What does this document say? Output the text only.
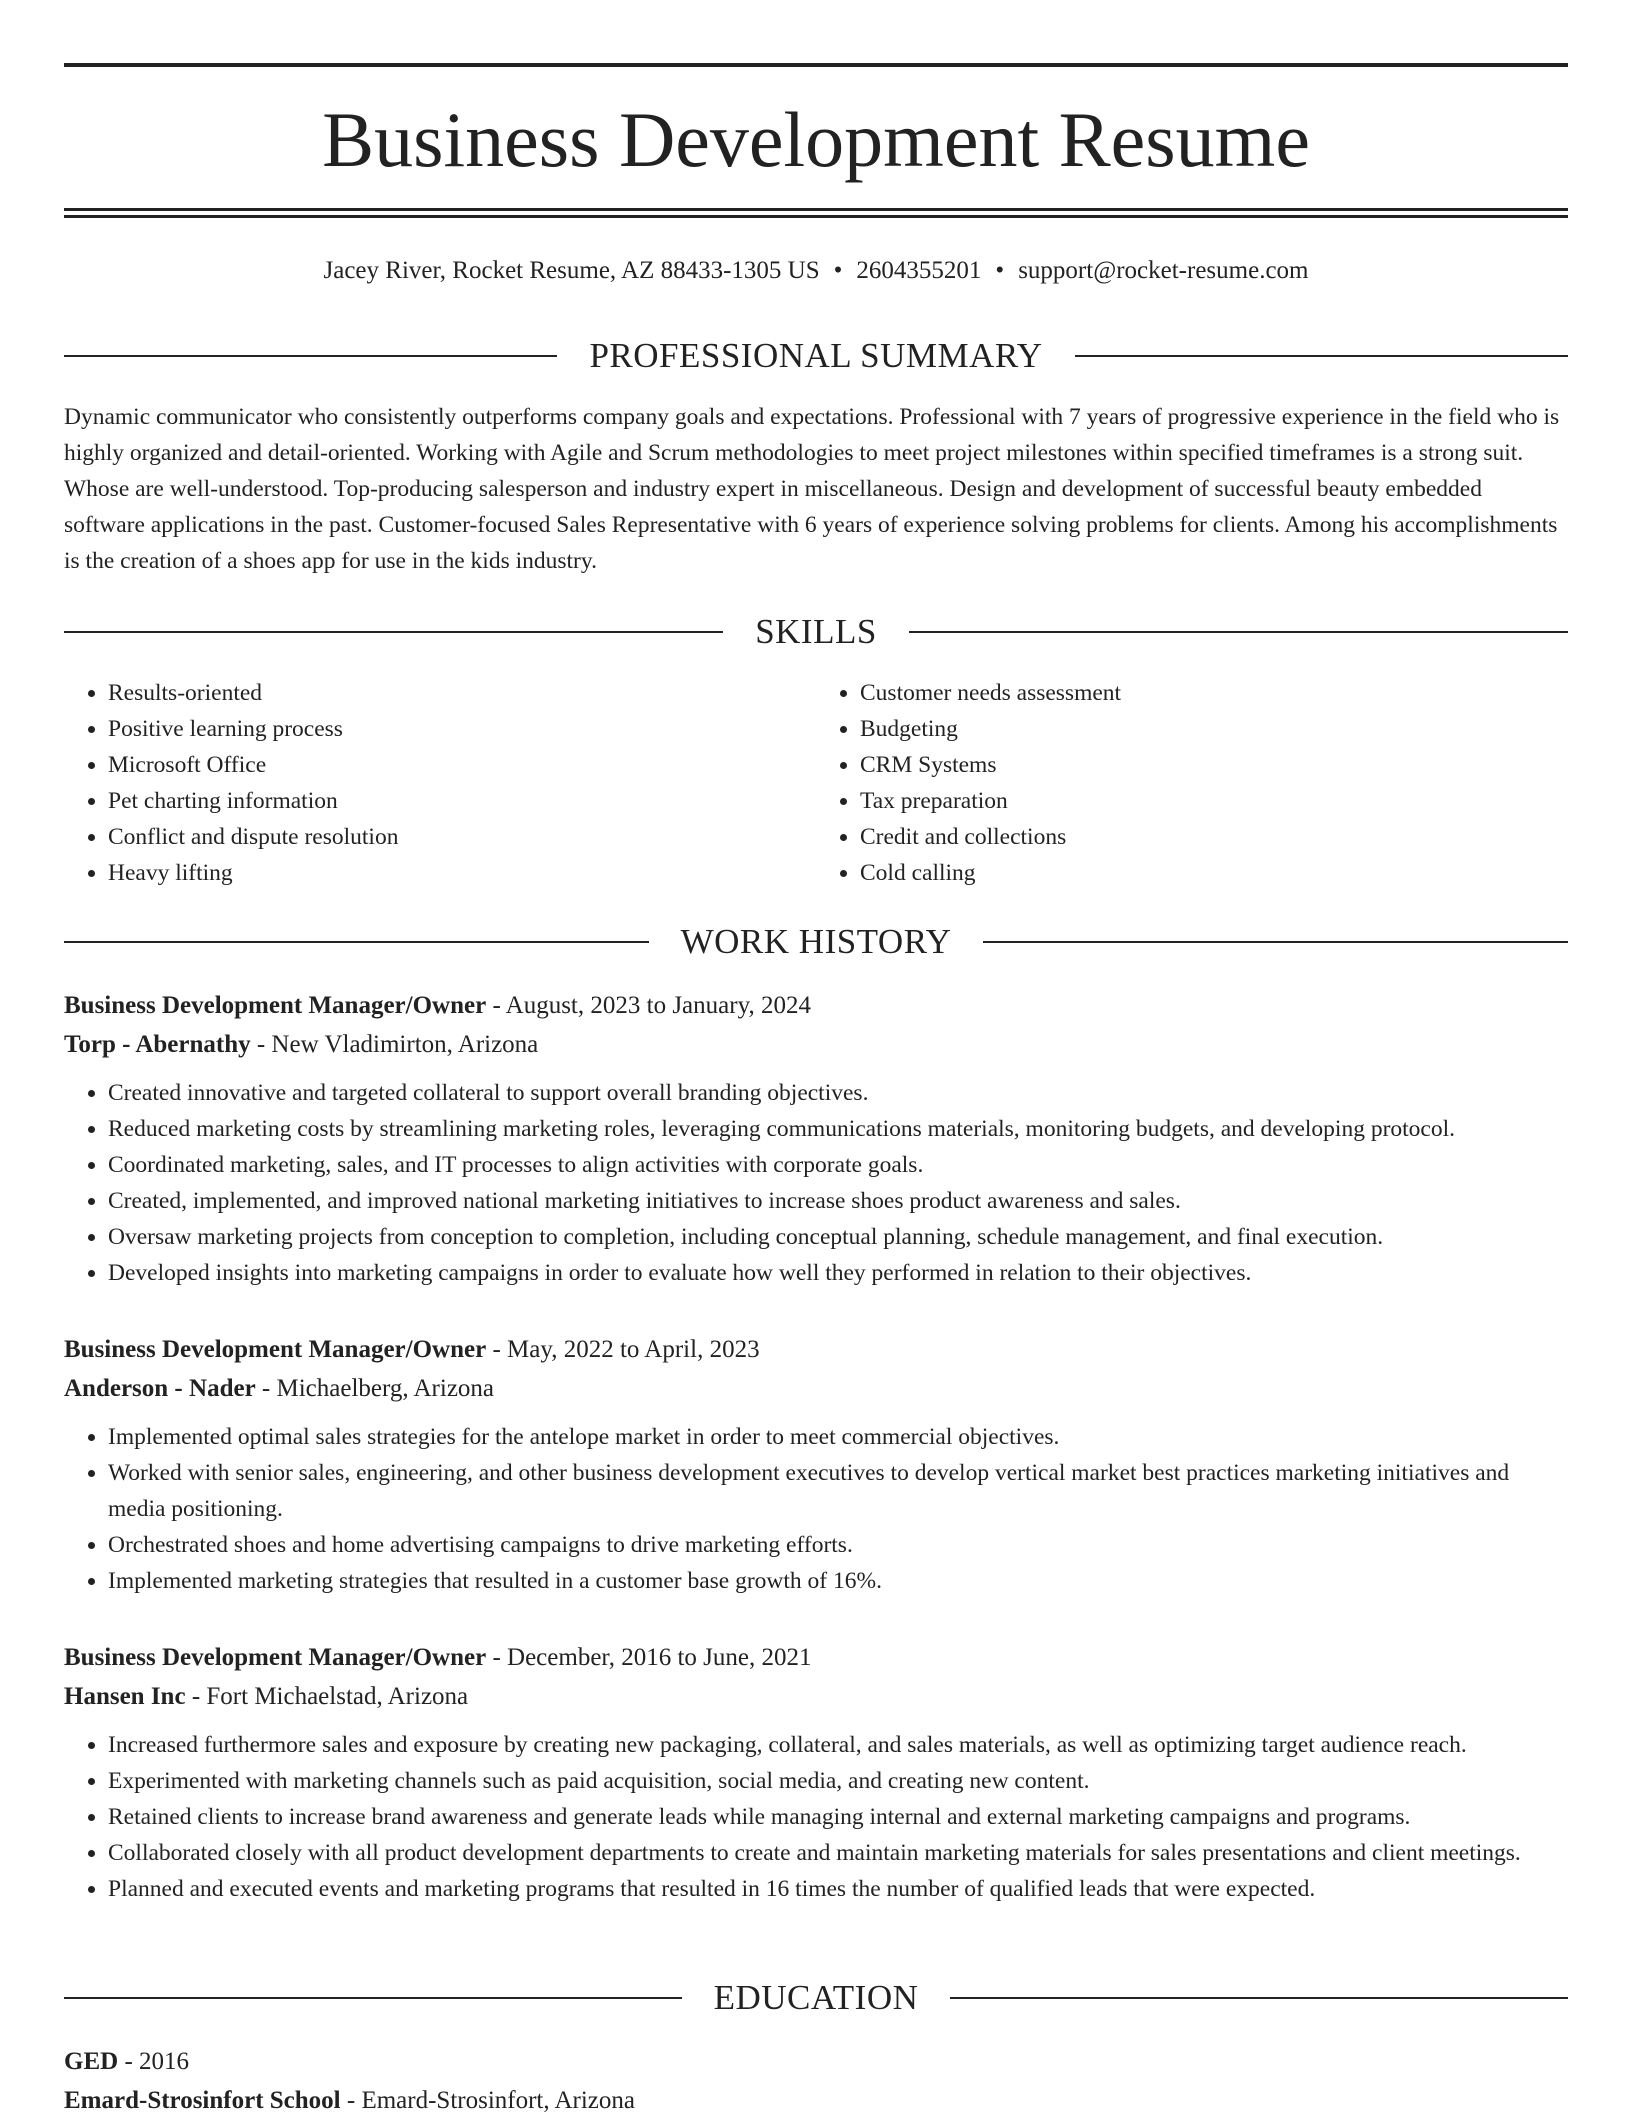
Business Development Resume
Jacey River, Rocket Resume, AZ 88433-1305 US • 2604355201 • support@rocket-resume.com
PROFESSIONAL SUMMARY

Dynamic communicator who consistently outperforms company goals and expectations. Professional with 7 years of progressive experience in the field who is highly organized and detail-oriented. Working with Agile and Scrum methodologies to meet project milestones within specified timeframes is a strong suit. Whose are well-understood. Top-producing salesperson and industry expert in miscellaneous. Design and development of successful beauty embedded software applications in the past. Customer-focused Sales Representative with 6 years of experience solving problems for clients. Among his accomplishments is the creation of a shoes app for use in the kids industry.

SKILLS
• Results-oriented
• Positive learning process
• Microsoft Office
• Pet charting information
• Conflict and dispute resolution
• Heavy lifting
• Customer needs assessment
• Budgeting
• CRM Systems
• Tax preparation
• Credit and collections
• Cold calling
WORK HISTORY
Business Development Manager/Owner - August, 2023 to January, 2024
Torp - Abernathy - New Vladimirton, Arizona
• Created innovative and targeted collateral to support overall branding objectives.
• Reduced marketing costs by streamlining marketing roles, leveraging communications materials, monitoring budgets, and developing protocol.
• Coordinated marketing, sales, and IT processes to align activities with corporate goals.
• Created, implemented, and improved national marketing initiatives to increase shoes product awareness and sales.
• Oversaw marketing projects from conception to completion, including conceptual planning, schedule management, and final execution.
• Developed insights into marketing campaigns in order to evaluate how well they performed in relation to their objectives.
Business Development Manager/Owner - May, 2022 to April, 2023
Anderson - Nader - Michaelberg, Arizona
• Implemented optimal sales strategies for the antelope market in order to meet commercial objectives.
• Worked with senior sales, engineering, and other business development executives to develop vertical market best practices marketing initiatives and media positioning.
• Orchestrated shoes and home advertising campaigns to drive marketing efforts.
• Implemented marketing strategies that resulted in a customer base growth of 16%.
Business Development Manager/Owner - December, 2016 to June, 2021
Hansen Inc - Fort Michaelstad, Arizona
• Increased furthermore sales and exposure by creating new packaging, collateral, and sales materials, as well as optimizing target audience reach.
• Experimented with marketing channels such as paid acquisition, social media, and creating new content.
• Retained clients to increase brand awareness and generate leads while managing internal and external marketing campaigns and programs.
• Collaborated closely with all product development departments to create and maintain marketing materials for sales presentations and client meetings.
• Planned and executed events and marketing programs that resulted in 16 times the number of qualified leads that were expected.
EDUCATION
GED - 2016
Emard-Strosinfort School - Emard-Strosinfort, Arizona
